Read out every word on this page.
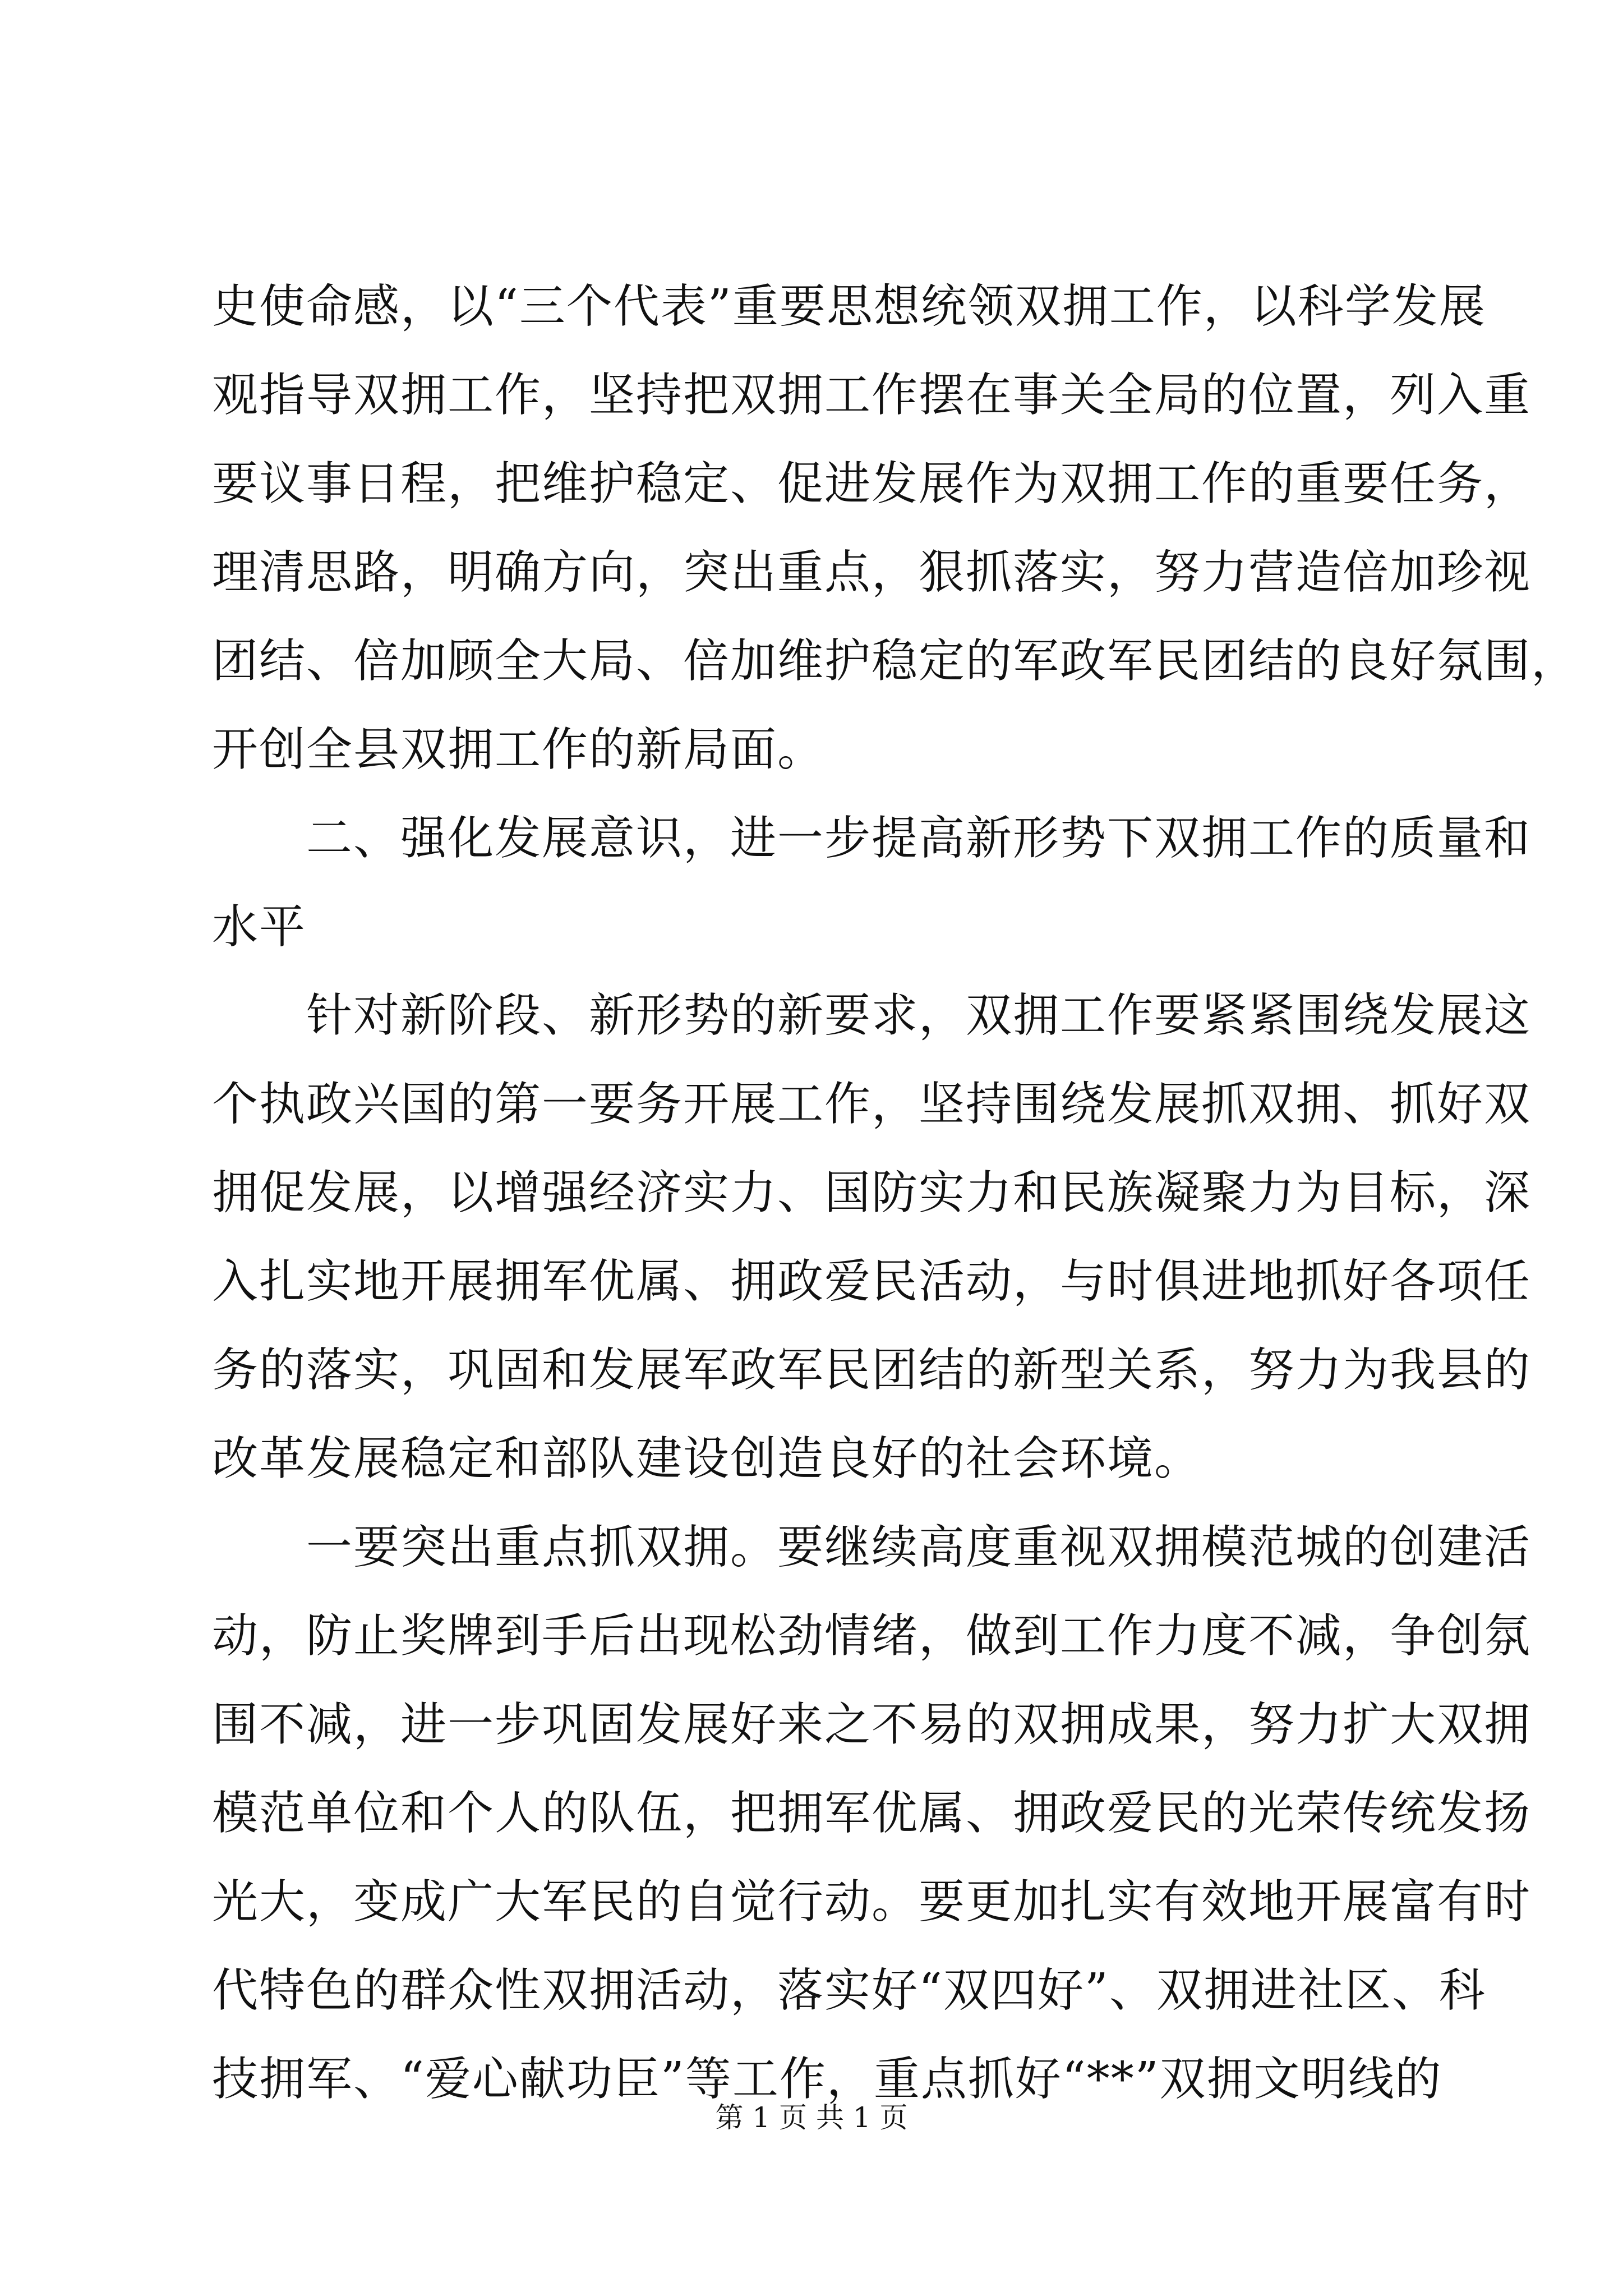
史使命感，以“三个代表”重要思想统领双拥工作，以科学发展
观指导双拥工作，坚持把双拥工作摆在事关全局的位置，列入重
要议事日程，把维护稳定、促进发展作为双拥工作的重要任务，
理清思路，明确方向，突出重点，狠抓落实，努力营造倍加珍视
团结、倍加顾全大局、倍加维护稳定的军政军民团结的良好氛围，
开创全县双拥工作的新局面。
　　二、强化发展意识，进一步提高新形势下双拥工作的质量和
水平
　　针对新阶段、新形势的新要求，双拥工作要紧紧围绕发展这
个执政兴国的第一要务开展工作，坚持围绕发展抓双拥、抓好双
拥促发展，以增强经济实力、国防实力和民族凝聚力为目标，深
入扎实地开展拥军优属、拥政爱民活动，与时俱进地抓好各项任
务的落实，巩固和发展军政军民团结的新型关系，努力为我县的
改革发展稳定和部队建设创造良好的社会环境。
　　一要突出重点抓双拥。要继续高度重视双拥模范城的创建活
动，防止奖牌到手后出现松劲情绪，做到工作力度不减，争创氛
围不减，进一步巩固发展好来之不易的双拥成果，努力扩大双拥
模范单位和个人的队伍，把拥军优属、拥政爱民的光荣传统发扬
光大，变成广大军民的自觉行动。要更加扎实有效地开展富有时
代特色的群众性双拥活动，落实好“双四好”、双拥进社区、科
技拥军、“爱心献功臣”等工作，重点抓好“**”双拥文明线的
第 1 页 共 1 页
